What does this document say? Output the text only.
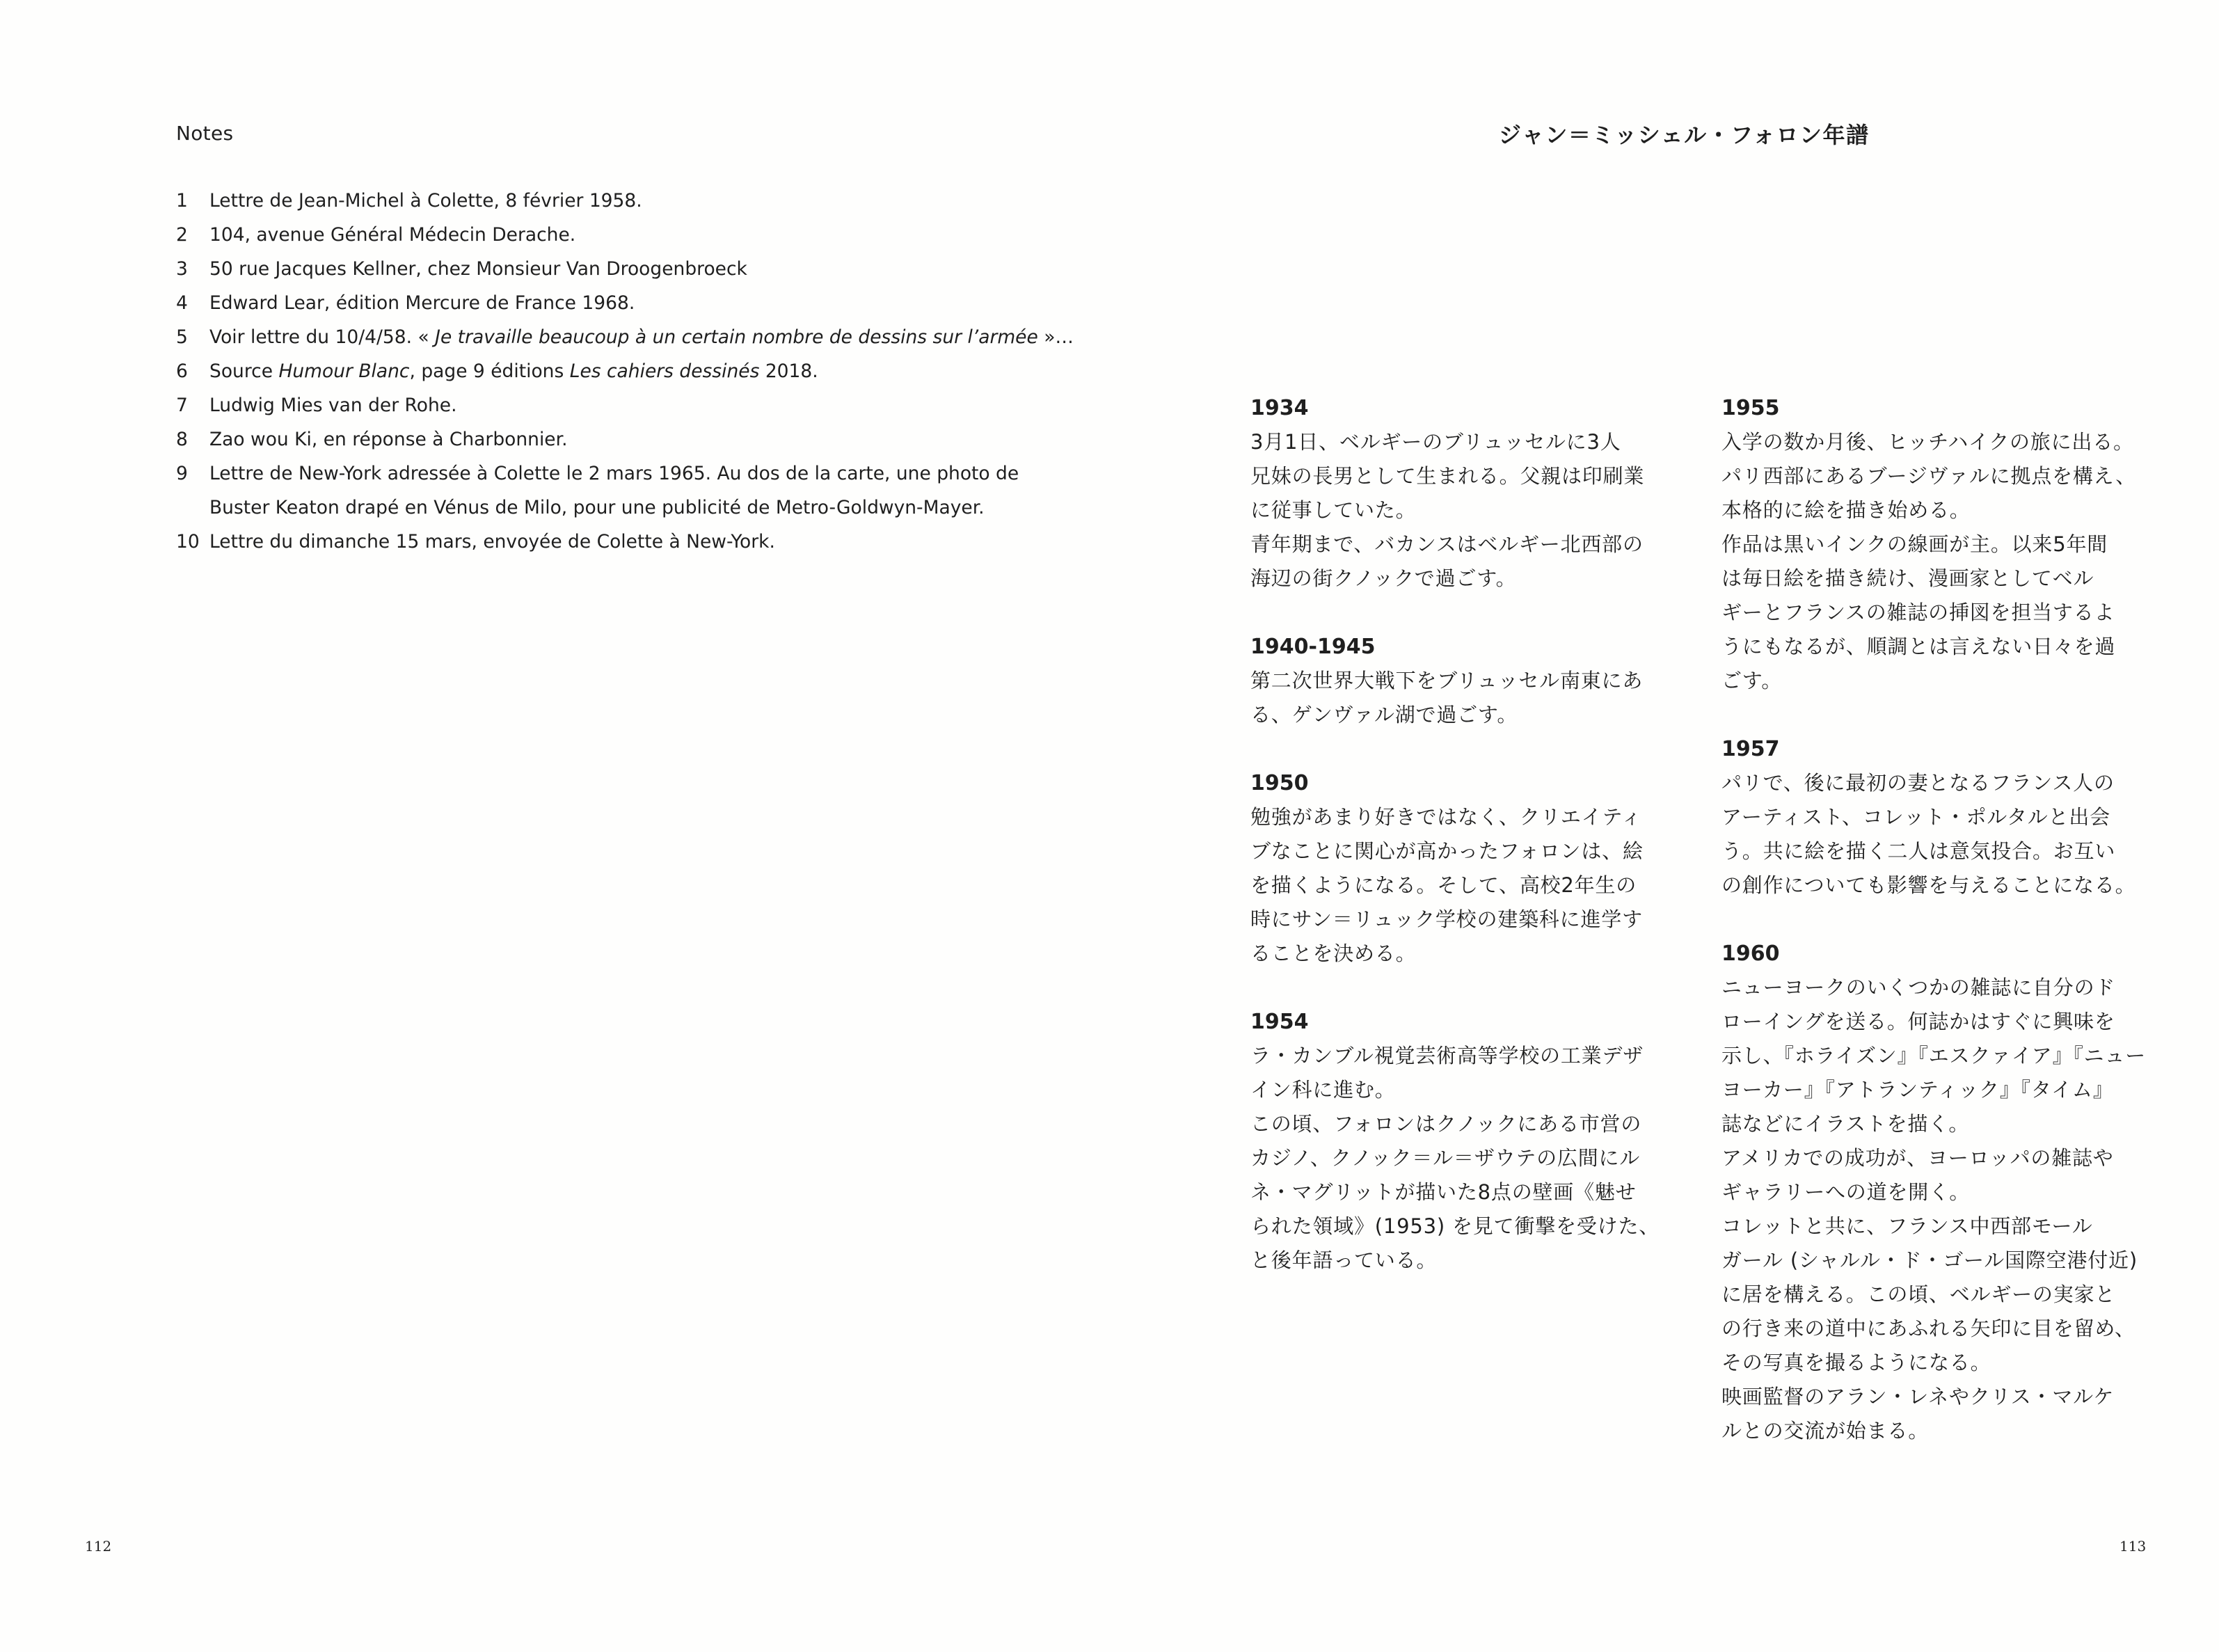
Notes
1	Lettre de Jean-Michel à Colette, 8 février 1958.
2	104, avenue Général Médecin Derache.
3	50 rue Jacques Kellner, chez Monsieur Van Droogenbroeck
4	Edward Lear, édition Mercure de France 1968.
5	Voir lettre du 10/4/58. « Je travaille beaucoup à un certain nombre de dessins sur l’armée »…
6	Source Humour Blanc, page 9 éditions Les cahiers dessinés 2018.
7	Ludwig Mies van der Rohe.
8	Zao wou Ki, en réponse à Charbonnier.
9	Lettre de New-York adressée à Colette le 2 mars 1965. Au dos de la carte, une photo de Buster Keaton drapé en Vénus de Milo, pour une publicité de Metro-Goldwyn-Mayer.
10 Lettre du dimanche 15 mars, envoyée de Colette à New-York.
112
ジャン＝ミッシェル・フォロン年譜
1934
3月1日、ベルギーのブリュッセルに3人
兄妹の長男として生まれる。父親は印刷業
に従事していた。
青年期まで、バカンスはベルギー北西部の
海辺の街クノックで過ごす。
1940-1945
第二次世界大戦下をブリュッセル南東にあ
る、ゲンヴァル湖で過ごす。
1950
勉強があまり好きではなく、クリエイティ
ブなことに関心が高かったフォロンは、絵
を描くようになる。そして、高校2年生の
時にサン＝リュック学校の建築科に進学す
ることを決める。
1954
ラ・カンブル視覚芸術高等学校の工業デザ
イン科に進む。
この頃、フォロンはクノックにある市営の
カジノ、クノック＝ル＝ザウテの広間にル
ネ・マグリットが描いた8点の壁画《魅せ
られた領域》(1953) を見て衝撃を受けた、
と後年語っている。
1955
入学の数か月後、ヒッチハイクの旅に出る。
パリ西部にあるブージヴァルに拠点を構え、
本格的に絵を描き始める。
作品は黒いインクの線画が主。以来5年間
は毎日絵を描き続け、漫画家としてベル
ギーとフランスの雑誌の挿図を担当するよ
うにもなるが、順調とは言えない日々を過
ごす。
1957
パリで、後に最初の妻となるフランス人の
アーティスト、コレット・ポルタルと出会
う。共に絵を描く二人は意気投合。お互い
の創作についても影響を与えることになる。
1960
ニューヨークのいくつかの雑誌に自分のド
ローイングを送る。何誌かはすぐに興味を
示し、『ホライズン』『エスクァイア』『ニュー
ヨーカー』『アトランティック』『タイム』
誌などにイラストを描く。
アメリカでの成功が、ヨーロッパの雑誌や
ギャラリーへの道を開く。
コレットと共に、フランス中西部モール
ガール (シャルル・ド・ゴール国際空港付近)
に居を構える。この頃、ベルギーの実家と
の行き来の道中にあふれる矢印に目を留め、
その写真を撮るようになる。
映画監督のアラン・レネやクリス・マルケ
ルとの交流が始まる。
113
